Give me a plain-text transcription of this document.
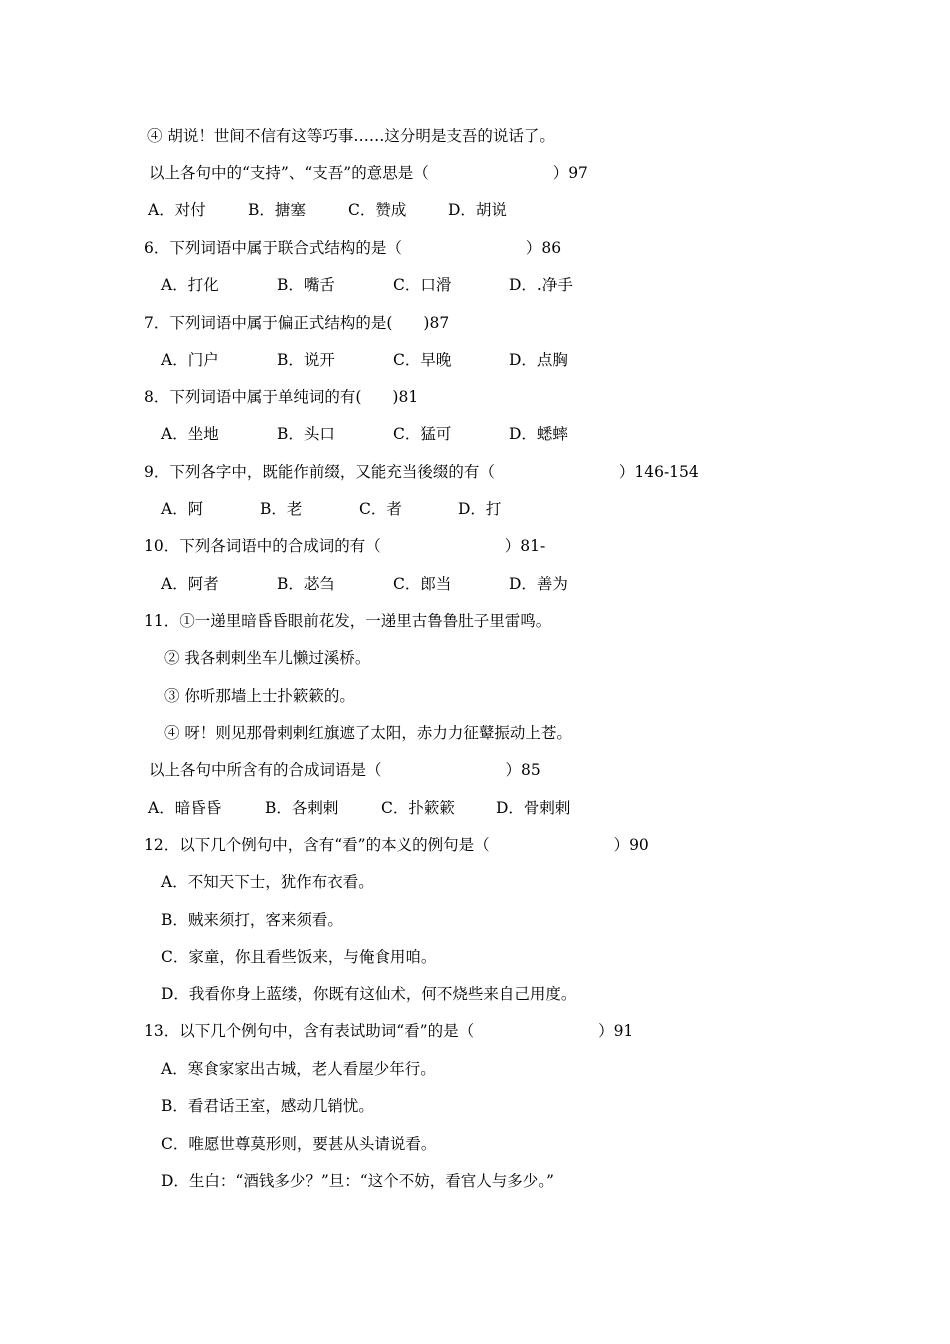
④ 胡说！世间不信有这等巧事……这分明是支吾的说话了。
以上各句中的“支持”、“支吾”的意思是（　　　　　　　　）97
A．对付	B．搪塞	C．赞成	D．胡说
6．下列词语中属于联合式结构的是（　　　　　　　　）86
A．打化	B．嘴舌	C．口滑	D．.净手
7．下列词语中属于偏正式结构的是(　　)87
A．门户	B．说开	C．早晚	D．点胸
8．下列词语中属于单纯词的有(　　)81
A．坐地	B．头口	C．猛可	D．蟋蟀
9．下列各字中，既能作前缀，又能充当後缀的有（　　　　　　　　）146-154
A．阿	B．老	C．者	D．打
10．下列各词语中的合成词的有（　　　　　　　　）81-
A．阿者	B．苾刍	C．郎当	D．善为
11．①一递里暗昏昏眼前花发，一递里古鲁鲁肚子里雷鸣。
② 我各剌剌坐车儿懒过溪桥。
③ 你听那墙上士扑簌簌的。
④ 呀！则见那骨剌剌红旗遮了太阳，赤力力征鼙振动上苍。
以上各句中所含有的合成词语是（　　　　　　　　）85
A．暗昏昏	B．各剌剌	C．扑簌簌	D．骨剌剌
12．以下几个例句中，含有“看”的本义的例句是（　　　　　　　　）90
A．不知天下士，犹作布衣看。
B．贼来须打，客来须看。
C．家童，你且看些饭来，与俺食用咱。
D．我看你身上蓝缕，你既有这仙术，何不烧些来自己用度。
13．以下几个例句中，含有表试助词“看”的是（　　　　　　　　）91
A．寒食家家出古城，老人看屋少年行。
B．看君话王室，感动几销忧。
C．唯愿世尊莫形则，要甚从头请说看。
D．生白：“酒钱多少？”旦：“这个不妨，看官人与多少。”
